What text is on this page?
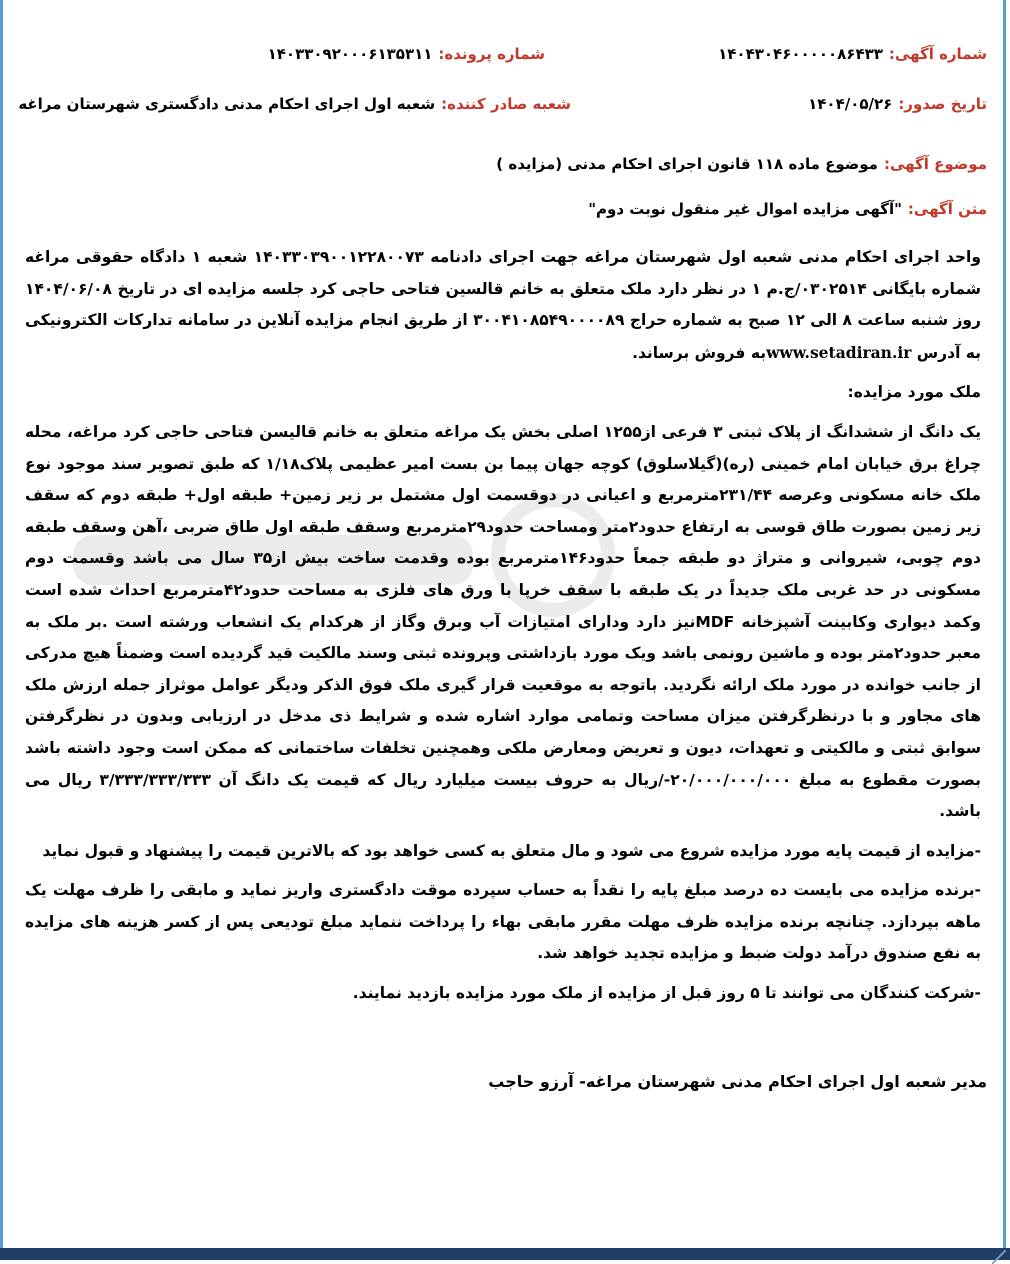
شماره آگهی:۱۴۰۴۳۰۴۶۰۰۰۰۰۸۶۴۳۳
شماره پرونده:۱۴۰۳۳۰۹۲۰۰۰۶۱۳۵۳۱۱
تاریخ صدور:۱۴۰۴/۰۵/۲۶
شعبه صادر کننده:شعبه اول اجرای احکام مدنی دادگستری شهرستان مراغه
موضوع آگهی:موضوع ماده ۱۱۸ قانون اجرای احکام مدنی (مزایده )
متن آگهی:"آگهی مزایده اموال غیر منقول نوبت دوم"

واحد اجرای احکام مدنی شعبه اول شهرستان مراغه جهت اجرای دادنامه ۱۴۰۳۳۰۳۹۰۰۱۲۲۸۰۰۷۳ شعبه ۱ دادگاه حقوقی مراغه شماره بایگانی ۰۳۰۲۵۱۴/ج.م ۱ در نظر دارد ملک متعلق به خانم قالسین فتاحی حاجی کرد جلسه مزایده ای در تاریخ ۱۴۰۴/۰۶/۰۸ روز شنبه ساعت ۸ الی ۱۲ صبح به شماره حراج ۳۰۰۴۱۰۸۵۴۹۰۰۰۰۸۹ از طریق انجام مزایده آنلاین در سامانه تدارکات الکترونیکی به آدرس www.setadiran.irبه فروش برساند.

ملک مورد مزایده:

یک دانگ از ششدانگ از پلاک ثبتی ۳ فرعی از۱۲۵۵ اصلی بخش یک مراغه متعلق به خانم قالیسن فتاحی حاجی کرد مراغه، محله چراغ برق خیابان امام خمینی (ره)(گیلاسلوق) کوچه جهان پیما بن بست امیر عظیمی پلاک۱/۱۸ که طبق تصویر سند موجود نوع ملک خانه مسکونی وعرصه ۲۳۱/۴۴مترمربع و اعیانی در دوقسمت اول مشتمل بر زیر زمین+ طبقه اول+ طبقه دوم که سقف زیر زمین بصورت طاق قوسی به ارتفاع حدود۲متر ومساحت حدود۲۹مترمربع وسقف طبقه اول طاق ضربی ،آهن وسقف طبقه دوم چوبی، شیروانی و متراژ دو طبقه جمعاً حدود۱۴۶مترمربع بوده وقدمت ساخت بیش از۳۵ سال می باشد وقسمت دوم مسکونی در حد غربی ملک جدیداً در یک طبقه با سقف خرپا با ورق های فلزی به مساحت حدود۴۲مترمربع احداث شده است وکمد دیواری وکابینت آشپزخانه MDFنیز دارد ودارای امتیازات آب وبرق وگاز از هرکدام یک انشعاب ورشته است .بر ملک به معبر حدود۲متر بوده و ماشین رونمی باشد ویک مورد بازداشتی وپرونده ثبتی وسند مالکیت قید گردیده است وضمناً هیچ مدرکی از جانب خوانده در مورد ملک ارائه نگردید. باتوجه به موقعیت قرار گیری ملک فوق الذکر ودیگر عوامل موثراز جمله ارزش ملک های مجاور و با درنظرگرفتن میزان مساحت وتمامی موارد اشاره شده و شرایط ذی مدخل در ارزیابی وبدون در نظرگرفتن سوابق ثبتی و مالکیتی و تعهدات، دیون و تعریض ومعارض ملکی وهمچنین تخلفات ساختمانی که ممکن است وجود داشته باشد بصورت مقطوع به مبلغ ۲۰/۰۰۰/۰۰۰/۰۰۰-/ریال به حروف بیست میلیارد ریال که قیمت یک دانگ آن ۳/۳۳۳/۳۳۳/۳۳۳ ریال می باشد.

-مزایده از قیمت پایه مورد مزایده شروع می شود و مال متعلق به کسی خواهد بود که بالاترین قیمت را پیشنهاد و قبول نماید

-برنده مزایده می بایست ده درصد مبلغ پایه را نقداً به حساب سپرده موقت دادگستری واریز نماید و مابقی را ظرف مهلت یک ماهه بپردازد. چنانچه برنده مزایده ظرف مهلت مقرر مابقی بهاء را پرداخت ننماید مبلغ تودیعی پس از کسر هزینه های مزایده به نفع صندوق درآمد دولت ضبط و مزایده تجدید خواهد شد.

-شرکت کنندگان می توانند تا ۵ روز قبل از مزایده از ملک مورد مزایده بازدید نمایند.

مدیر شعبه اول اجرای احکام مدنی شهرستان مراغه- آرزو حاجب
